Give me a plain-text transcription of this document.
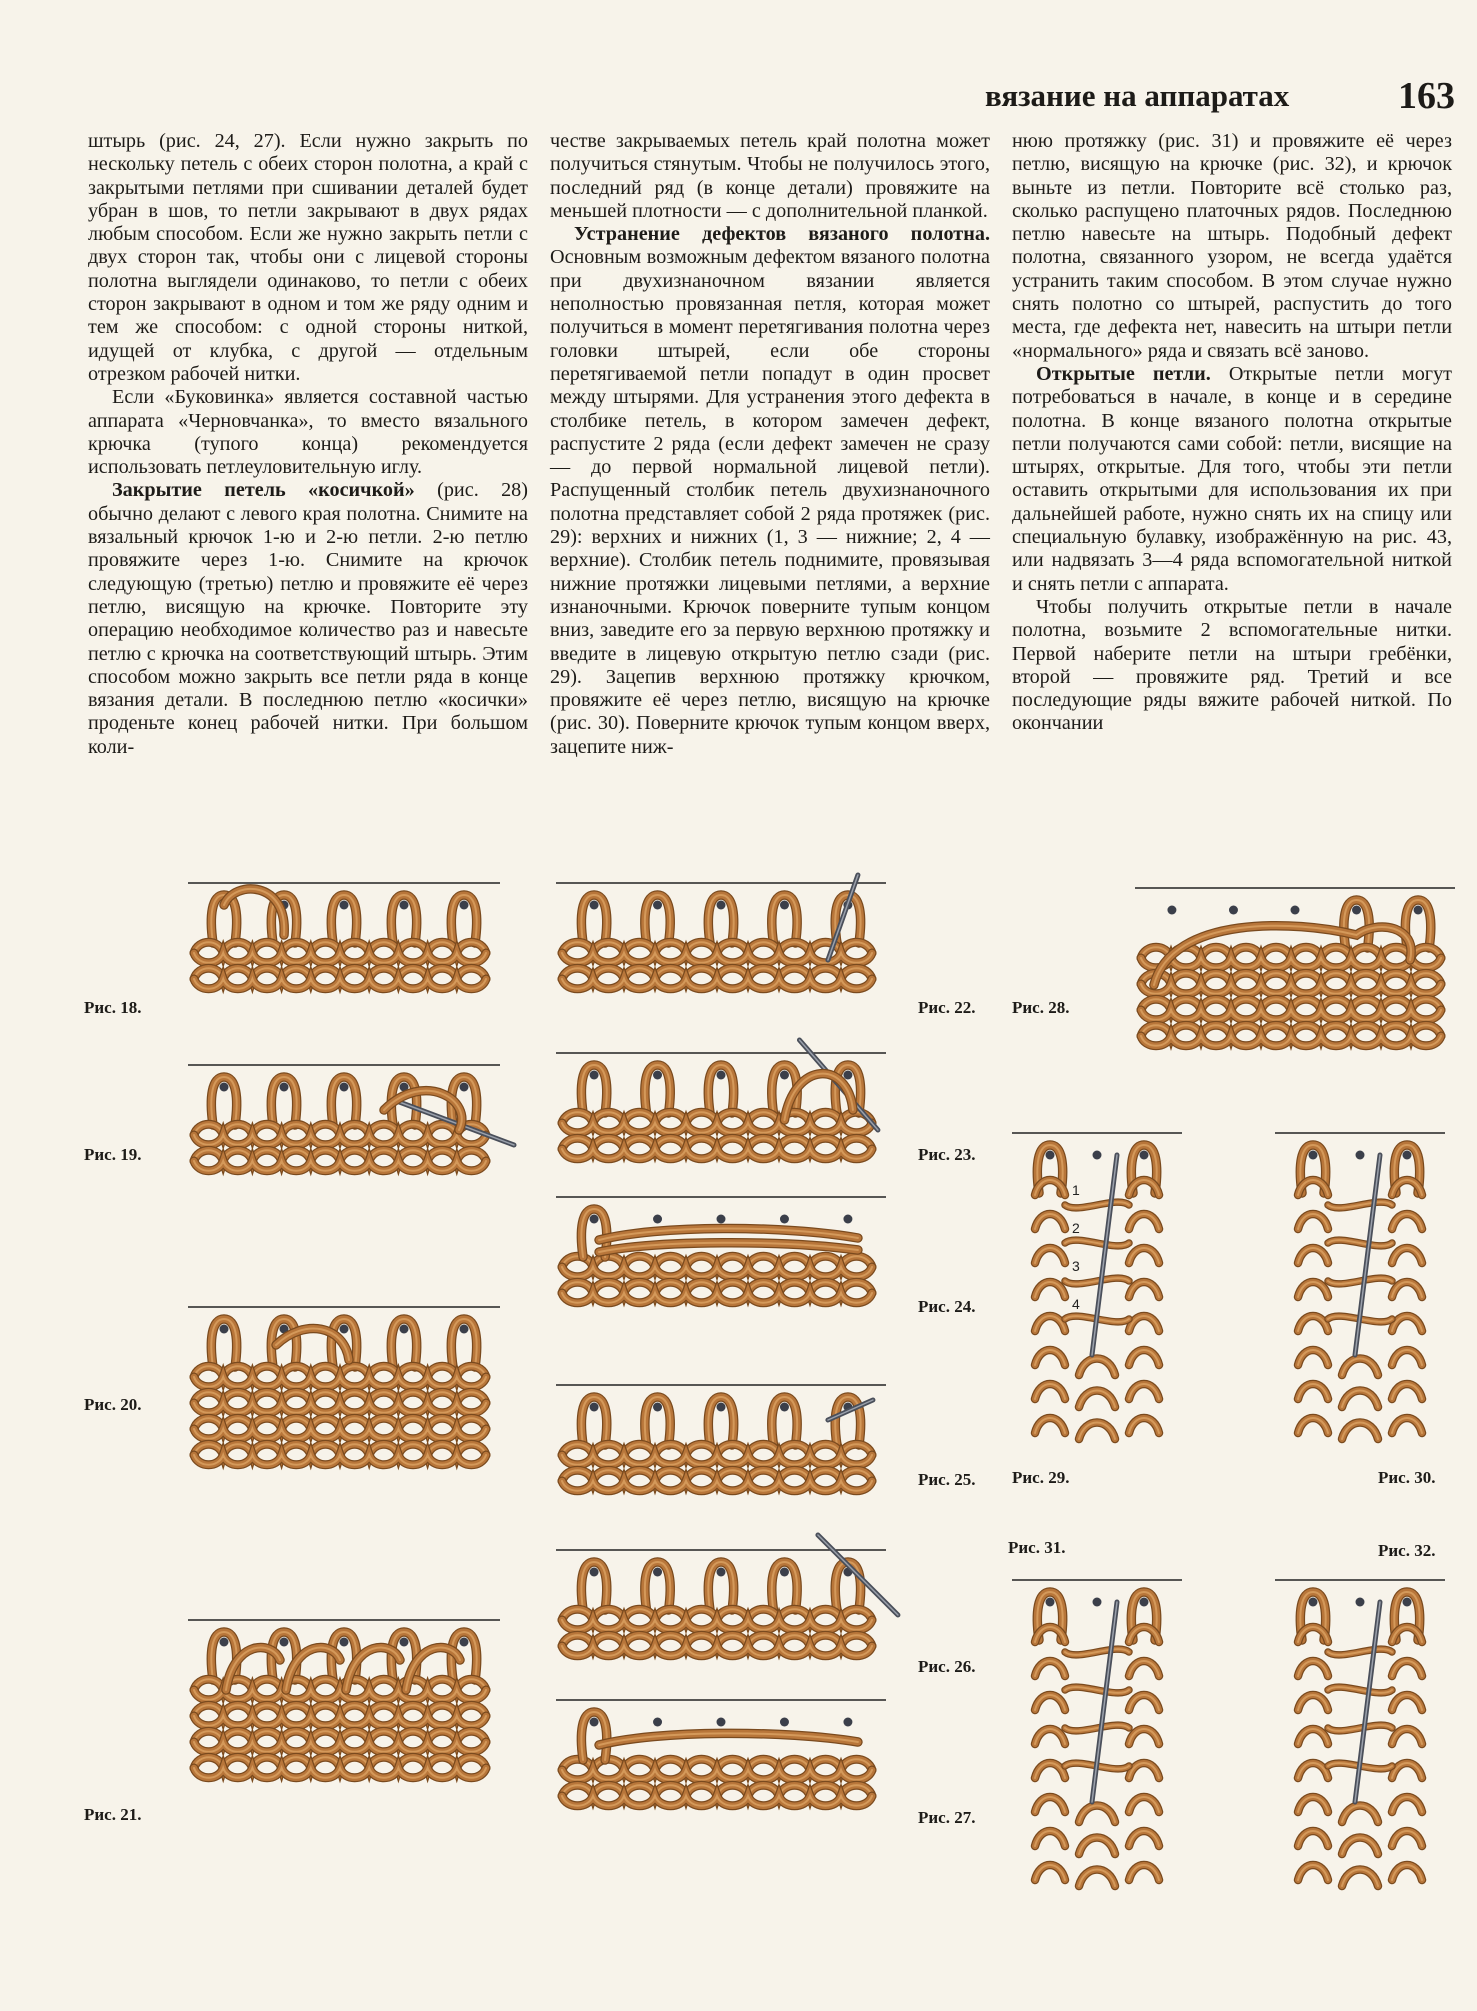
вязание на аппаратах	163

штырь (рис. 24, 27). Если нужно закрыть по нескольку петель с обеих сторон полотна, а край с закрытыми петлями при сшивании деталей будет убран в шов, то петли закрывают в двух рядах любым способом. Если же нужно закрыть петли с двух сторон так, чтобы они с лицевой стороны полотна выглядели одинаково, то петли с обеих сторон закрывают в одном и том же ряду одним и тем же способом: с одной стороны ниткой, идущей от клубка, с другой — отдельным отрезком рабочей нитки.

Если «Буковинка» является составной частью аппарата «Черновчанка», то вместо вязального крючка (тупого конца) рекомендуется использовать петлеуловительную иглу.

Закрытие петель «косичкой» (рис. 28) обычно делают с левого края полотна. Снимите на вязальный крючок 1-ю и 2-ю петли. 2-ю петлю провяжите через 1-ю. Снимите на крючок следующую (третью) петлю и провяжите её через петлю, висящую на крючке. Повторите эту операцию необходимое количество раз и навесьте петлю с крючка на соответствующий штырь. Этим способом можно закрыть все петли ряда в конце вязания детали. В последнюю петлю «косички» проденьте конец рабочей нитки. При большом коли-

честве закрываемых петель край полотна может получиться стянутым. Чтобы не получилось этого, последний ряд (в конце детали) провяжите на меньшей плотности — с дополнительной планкой.

Устранение дефектов вязаного полотна. Основным возможным дефектом вязаного полотна при двухизнаночном вязании является неполностью провязанная петля, которая может получиться в момент перетягивания полотна через головки штырей, если обе стороны перетягиваемой петли попадут в один просвет между штырями. Для устранения этого дефекта в столбике петель, в котором замечен дефект, распустите 2 ряда (если дефект замечен не сразу — до первой нормальной лицевой петли). Распущенный столбик петель двухизнаночного полотна представляет собой 2 ряда протяжек (рис. 29): верхних и нижних (1, 3 — нижние; 2, 4 — верхние). Столбик петель поднимите, провязывая нижние протяжки лицевыми петлями, а верхние изнаночными. Крючок поверните тупым концом вниз, заведите его за первую верхнюю протяжку и введите в лицевую открытую петлю сзади (рис. 29). Зацепив верхнюю протяжку крючком, провяжите её через петлю, висящую на крючке (рис. 30). Поверните крючок тупым концом вверх, зацепите ниж-

нюю протяжку (рис. 31) и провяжите её через петлю, висящую на крючке (рис. 32), и крючок выньте из петли. Повторите всё столько раз, сколько распущено платочных рядов. Последнюю петлю навесьте на штырь. Подобный дефект полотна, связанного узором, не всегда удаётся устранить таким способом. В этом случае нужно снять полотно со штырей, распустить до того места, где дефекта нет, навесить на штыри петли «нормального» ряда и связать всё заново.

Открытые петли. Открытые петли могут потребоваться в начале, в конце и в середине полотна. В конце вязаного полотна открытые петли получаются сами собой: петли, висящие на штырях, открытые. Для того, чтобы эти петли оставить открытыми для использования их при дальнейшей работе, нужно снять их на спицу или специальную булавку, изображённую на рис. 43, или надвязать 3—4 ряда вспомогательной ниткой и снять петли с аппарата.

Чтобы получить открытые петли в начале полотна, возьмите 2 вспомогательные нитки. Первой наберите петли на штыри гребёнки, второй — провяжите ряд. Третий и все последующие ряды вяжите рабочей ниткой. По окончании

Рис. 18.
Рис. 19.
Рис. 20.
Рис. 21.
Рис. 22.
Рис. 23.
Рис. 24.
Рис. 25.
Рис. 26.
Рис. 27.
Рис. 28.
1
2
3
4
Рис. 29.	Рис. 30.
Рис. 31.	Рис. 32.
